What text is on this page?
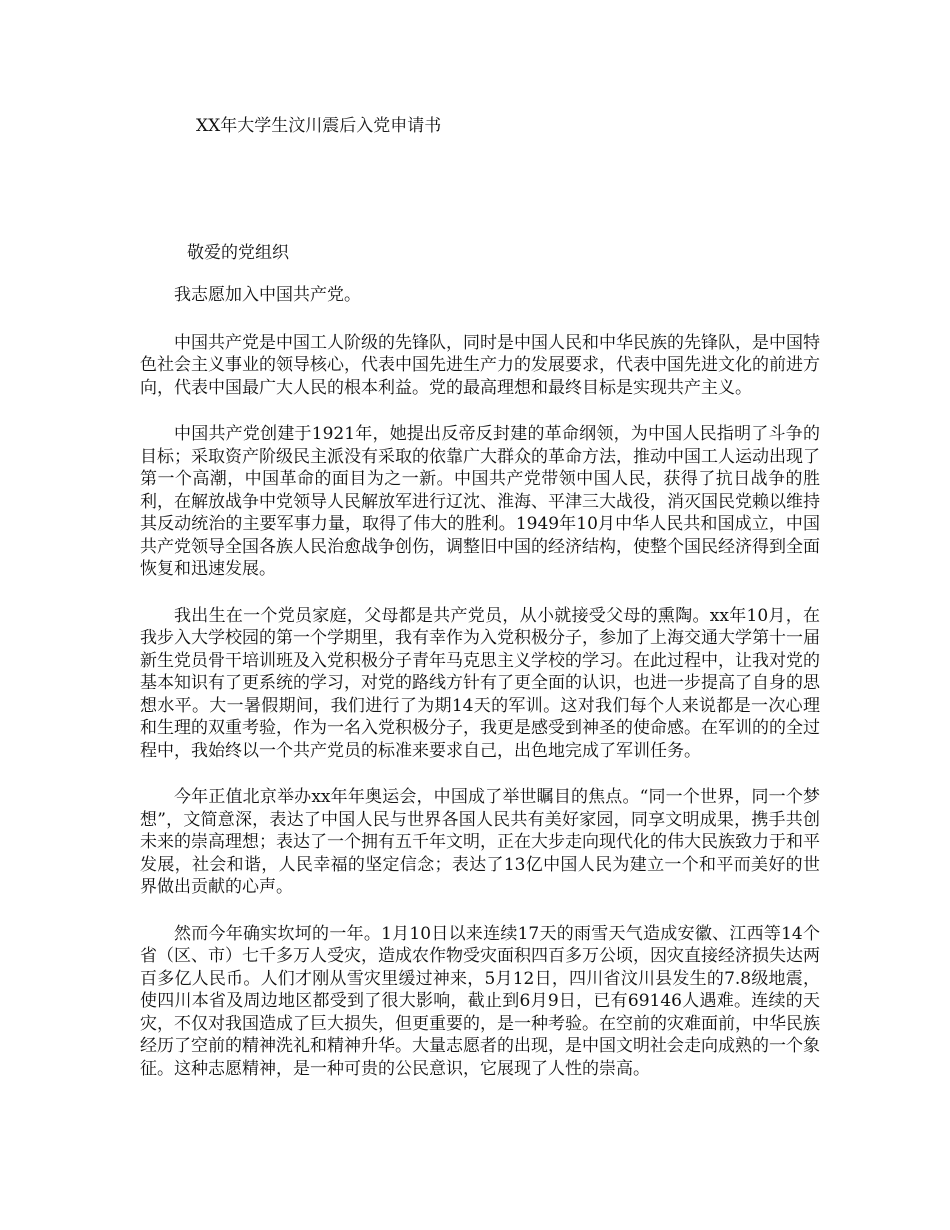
XX年大学生汶川震后入党申请书

敬爱的党组织

我志愿加入中国共产党。

中国共产党是中国工人阶级的先锋队，同时是中国人民和中华民族的先锋队，是中国特色社会主义事业的领导核心，代表中国先进生产力的发展要求，代表中国先进文化的前进方向，代表中国最广大人民的根本利益。党的最高理想和最终目标是实现共产主义。

中国共产党创建于1921年，她提出反帝反封建的革命纲领，为中国人民指明了斗争的目标；采取资产阶级民主派没有采取的依靠广大群众的革命方法，推动中国工人运动出现了第一个高潮，中国革命的面目为之一新。中国共产党带领中国人民，获得了抗日战争的胜利，在解放战争中党领导人民解放军进行辽沈、淮海、平津三大战役，消灭国民党赖以维持其反动统治的主要军事力量，取得了伟大的胜利。1949年10月中华人民共和国成立，中国共产党领导全国各族人民治愈战争创伤，调整旧中国的经济结构，使整个国民经济得到全面恢复和迅速发展。

我出生在一个党员家庭，父母都是共产党员，从小就接受父母的熏陶。xx年10月，在我步入大学校园的第一个学期里，我有幸作为入党积极分子，参加了上海交通大学第十一届新生党员骨干培训班及入党积极分子青年马克思主义学校的学习。在此过程中，让我对党的基本知识有了更系统的学习，对党的路线方针有了更全面的认识，也进一步提高了自身的思想水平。大一暑假期间，我们进行了为期14天的军训。这对我们每个人来说都是一次心理和生理的双重考验，作为一名入党积极分子，我更是感受到神圣的使命感。在军训的的全过程中，我始终以一个共产党员的标准来要求自己，出色地完成了军训任务。

今年正值北京举办xx年年奥运会，中国成了举世瞩目的焦点。“同一个世界，同一个梦想”，文简意深，表达了中国人民与世界各国人民共有美好家园，同享文明成果，携手共创未来的崇高理想；表达了一个拥有五千年文明，正在大步走向现代化的伟大民族致力于和平发展，社会和谐，人民幸福的坚定信念；表达了13亿中国人民为建立一个和平而美好的世界做出贡献的心声。

然而今年确实坎坷的一年。1月10日以来连续17天的雨雪天气造成安徽、江西等14个省（区、市）七千多万人受灾，造成农作物受灾面积四百多万公顷，因灾直接经济损失达两百多亿人民币。人们才刚从雪灾里缓过神来，5月12日，四川省汶川县发生的7.8级地震，使四川本省及周边地区都受到了很大影响，截止到6月9日，已有69146人遇难。连续的天灾，不仅对我国造成了巨大损失，但更重要的，是一种考验。在空前的灾难面前，中华民族经历了空前的精神洗礼和精神升华。大量志愿者的出现，是中国文明社会走向成熟的一个象征。这种志愿精神，是一种可贵的公民意识，它展现了人性的崇高。
